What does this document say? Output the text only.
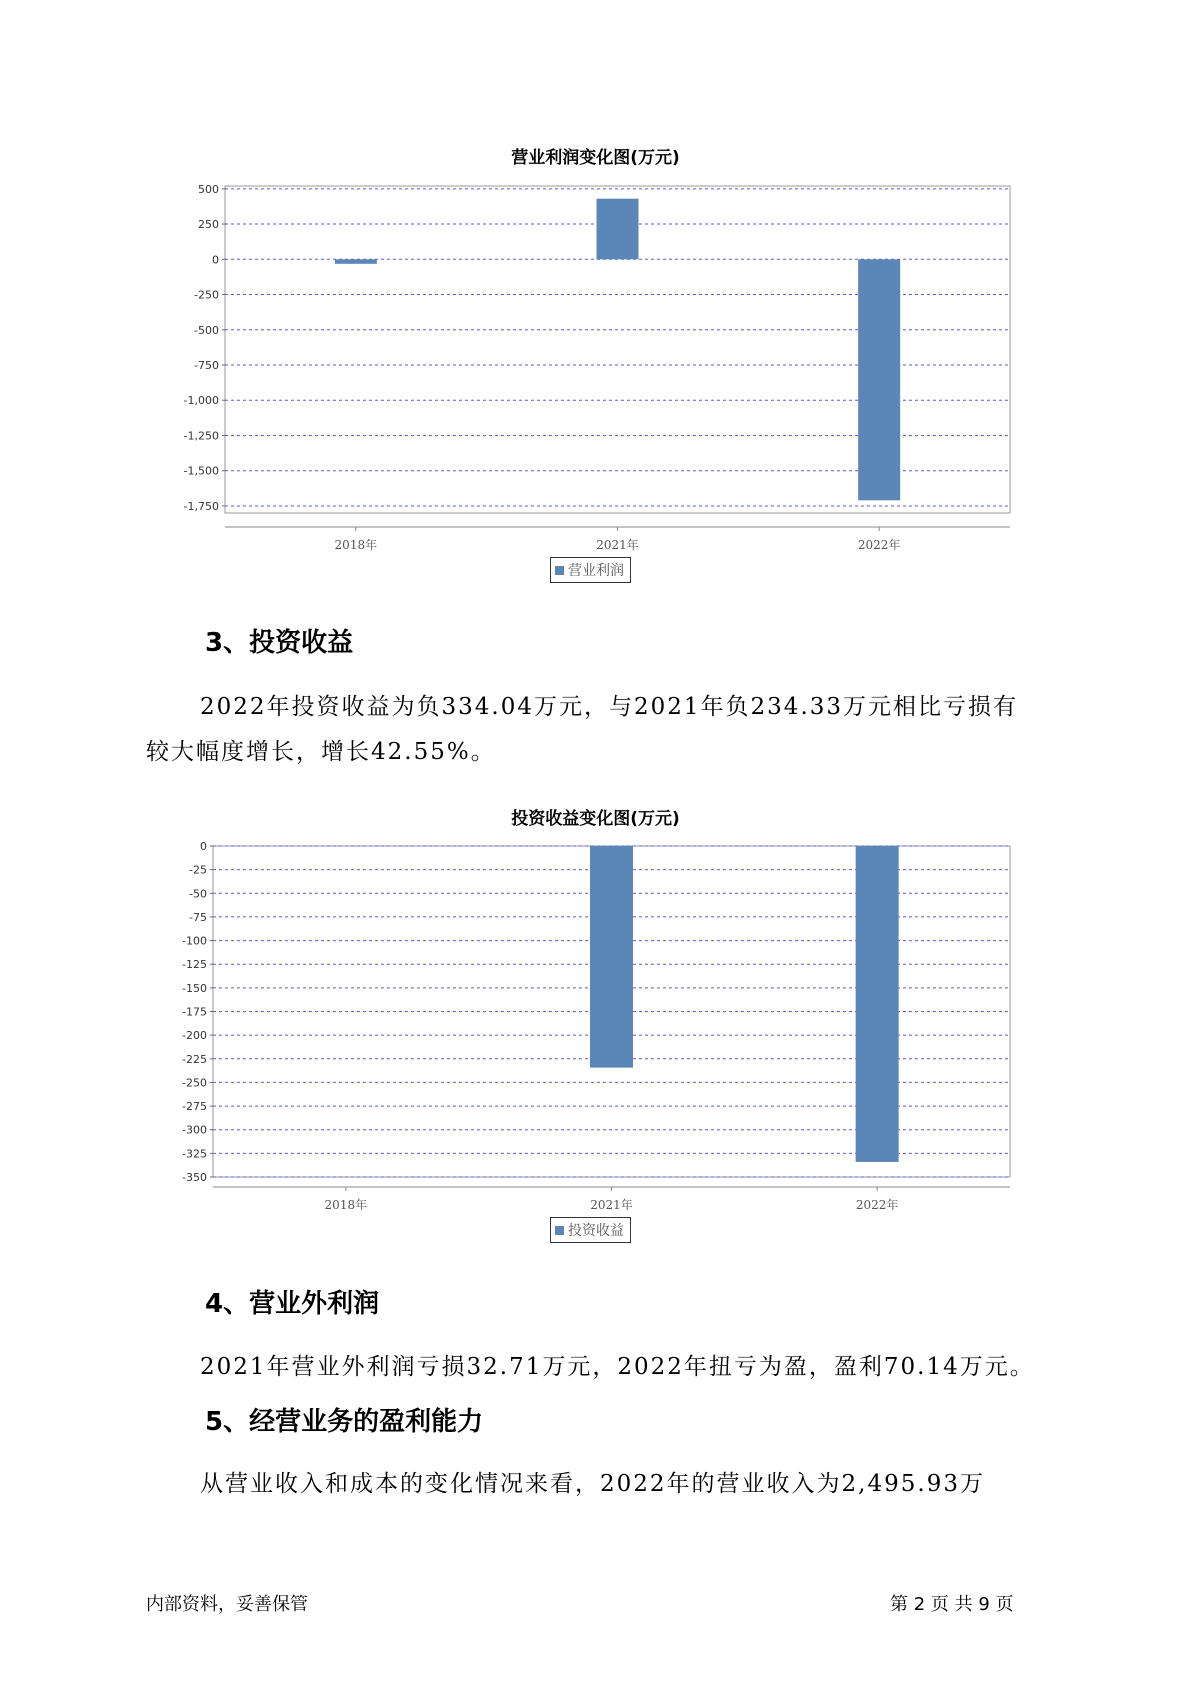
营业利润变化图(万元)
500
250
0
-250
-500
-750
-1,000
-1,250
-1,500
-1,750
2018年	2021年	2022年
营业利润
3、投资收益
2022年投资收益为负334.04万元，与2021年负234.33万元相比亏损有
较大幅度增长，增长42.55%。
投资收益变化图(万元)
0
-25
-50
-75
-100
-125
-150
-175
-200
-225
-250
-275
-300
-325
-350
2018年	2021年	2022年
投资收益
4、营业外利润
2021年营业外利润亏损32.71万元，2022年扭亏为盈，盈利70.14万元。
5、经营业务的盈利能力
从营业收入和成本的变化情况来看，2022年的营业收入为2,495.93万
内部资料，妥善保管	第 2 页 共 9 页
